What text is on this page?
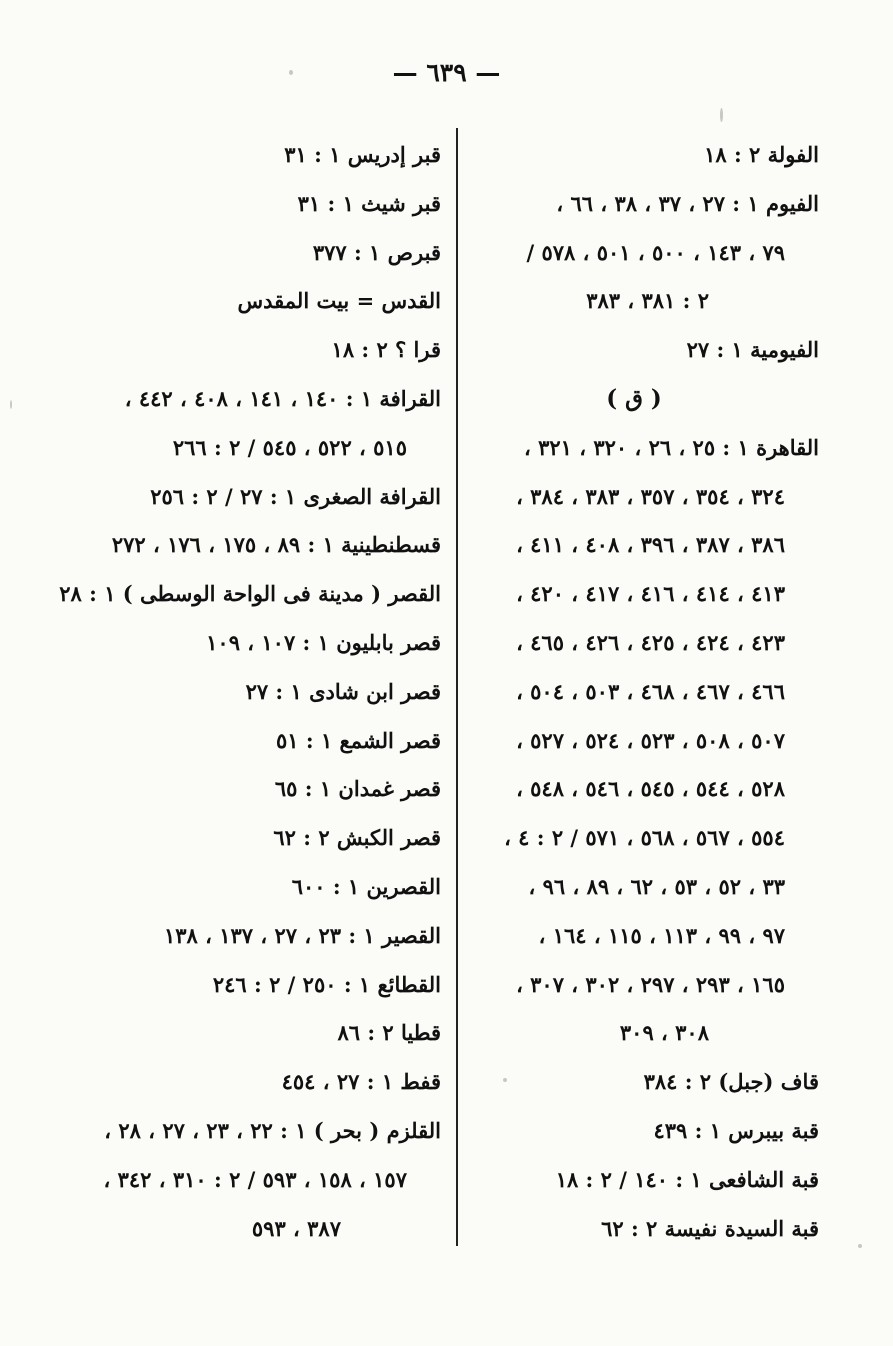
— ٦٣٩ —
الفولة ٢ : ١٨
الفيوم ١ : ٢٧ ، ٣٧ ، ٣٨ ، ٦٦ ،
٧٩ ، ١٤٣ ، ٥٠٠ ، ٥٠١ ، ٥٧٨ /
٢ : ٣٨١ ، ٣٨٣
الفيومية ١ : ٢٧
( ق )
القاهرة ١ : ٢٥ ، ٢٦ ، ٣٢٠ ، ٣٢١ ،
٣٢٤ ، ٣٥٤ ، ٣٥٧ ، ٣٨٣ ، ٣٨٤ ،
٣٨٦ ، ٣٨٧ ، ٣٩٦ ، ٤٠٨ ، ٤١١ ،
٤١٣ ، ٤١٤ ، ٤١٦ ، ٤١٧ ، ٤٢٠ ،
٤٢٣ ، ٤٢٤ ، ٤٢٥ ، ٤٢٦ ، ٤٦٥ ،
٤٦٦ ، ٤٦٧ ، ٤٦٨ ، ٥٠٣ ، ٥٠٤ ،
٥٠٧ ، ٥٠٨ ، ٥٢٣ ، ٥٢٤ ، ٥٢٧ ،
٥٢٨ ، ٥٤٤ ، ٥٤٥ ، ٥٤٦ ، ٥٤٨ ،
٥٥٤ ، ٥٦٧ ، ٥٦٨ ، ٥٧١ / ٢ : ٤ ،
٣٣ ، ٥٢ ، ٥٣ ، ٦٢ ، ٨٩ ، ٩٦ ،
٩٧ ، ٩٩ ، ١١٣ ، ١١٥ ، ١٦٤ ،
١٦٥ ، ٢٩٣ ، ٢٩٧ ، ٣٠٢ ، ٣٠٧ ،
٣٠٨ ، ٣٠٩
قاف (جبل) ٢ : ٣٨٤
قبة بيبرس ١ : ٤٣٩
قبة الشافعى ١ : ١٤٠ / ٢ : ١٨
قبة السيدة نفيسة ٢ : ٦٢
قبر إدريس ١ : ٣١
قبر شيث ١ : ٣١
قبرص ١ : ٣٧٧
القدس = بيت المقدس
قرا ؟ ٢ : ١٨
القرافة ١ : ١٤٠ ، ١٤١ ، ٤٠٨ ، ٤٤٢ ،
٥١٥ ، ٥٢٢ ، ٥٤٥ / ٢ : ٢٦٦
القرافة الصغرى ١ : ٢٧ / ٢ : ٢٥٦
قسطنطينية ١ : ٨٩ ، ١٧٥ ، ١٧٦ ، ٢٧٢
القصر ( مدينة فى الواحة الوسطى ) ١ : ٢٨
قصر بابليون ١ : ١٠٧ ، ١٠٩
قصر ابن شادى ١ : ٢٧
قصر الشمع ١ : ٥١
قصر غمدان ١ : ٦٥
قصر الكبش ٢ : ٦٢
القصرين ١ : ٦٠٠
القصير ١ : ٢٣ ، ٢٧ ، ١٣٧ ، ١٣٨
القطائع ١ : ٢٥٠ / ٢ : ٢٤٦
قطيا ٢ : ٨٦
قفط ١ : ٢٧ ، ٤٥٤
القلزم ( بحر ) ١ : ٢٢ ، ٢٣ ، ٢٧ ، ٢٨ ،
١٥٧ ، ١٥٨ ، ٥٩٣ / ٢ : ٣١٠ ، ٣٤٢ ،
٣٨٧ ، ٥٩٣
